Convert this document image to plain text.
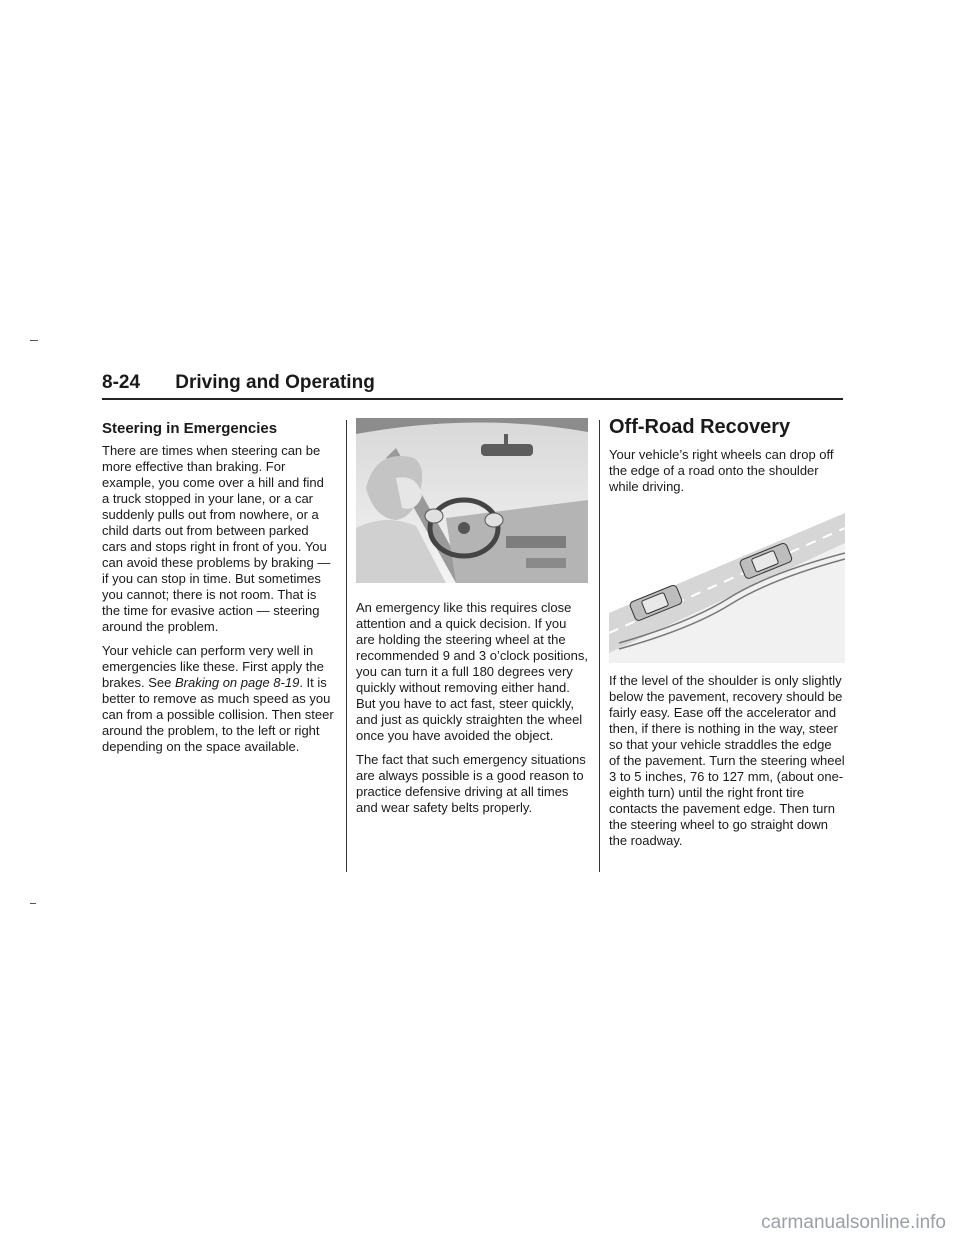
8-24 Driving and Operating
Steering in Emergencies

There are times when steering can be more effective than braking. For example, you come over a hill and find a truck stopped in your lane, or a car suddenly pulls out from nowhere, or a child darts out from between parked cars and stops right in front of you. You can avoid these problems by braking — if you can stop in time. But sometimes you cannot; there is not room. That is the time for evasive action — steering around the problem.

Your vehicle can perform very well in emergencies like these. First apply the brakes. See Braking on page 8-19. It is better to remove as much speed as you can from a possible collision. Then steer around the problem, to the left or right depending on the space available.

An emergency like this requires close attention and a quick decision. If you are holding the steering wheel at the recommended 9 and 3 o’clock positions, you can turn it a full 180 degrees very quickly without removing either hand. But you have to act fast, steer quickly, and just as quickly straighten the wheel once you have avoided the object.

The fact that such emergency situations are always possible is a good reason to practice defensive driving at all times and wear safety belts properly.

Off-Road Recovery

Your vehicle’s right wheels can drop off the edge of a road onto the shoulder while driving.

If the level of the shoulder is only slightly below the pavement, recovery should be fairly easy. Ease off the accelerator and then, if there is nothing in the way, steer so that your vehicle straddles the edge of the pavement. Turn the steering wheel 3 to 5 inches, 76 to 127 mm, (about one-eighth turn) until the right front tire contacts the pavement edge. Then turn the steering wheel to go straight down the roadway.

carmanualsonline.info
